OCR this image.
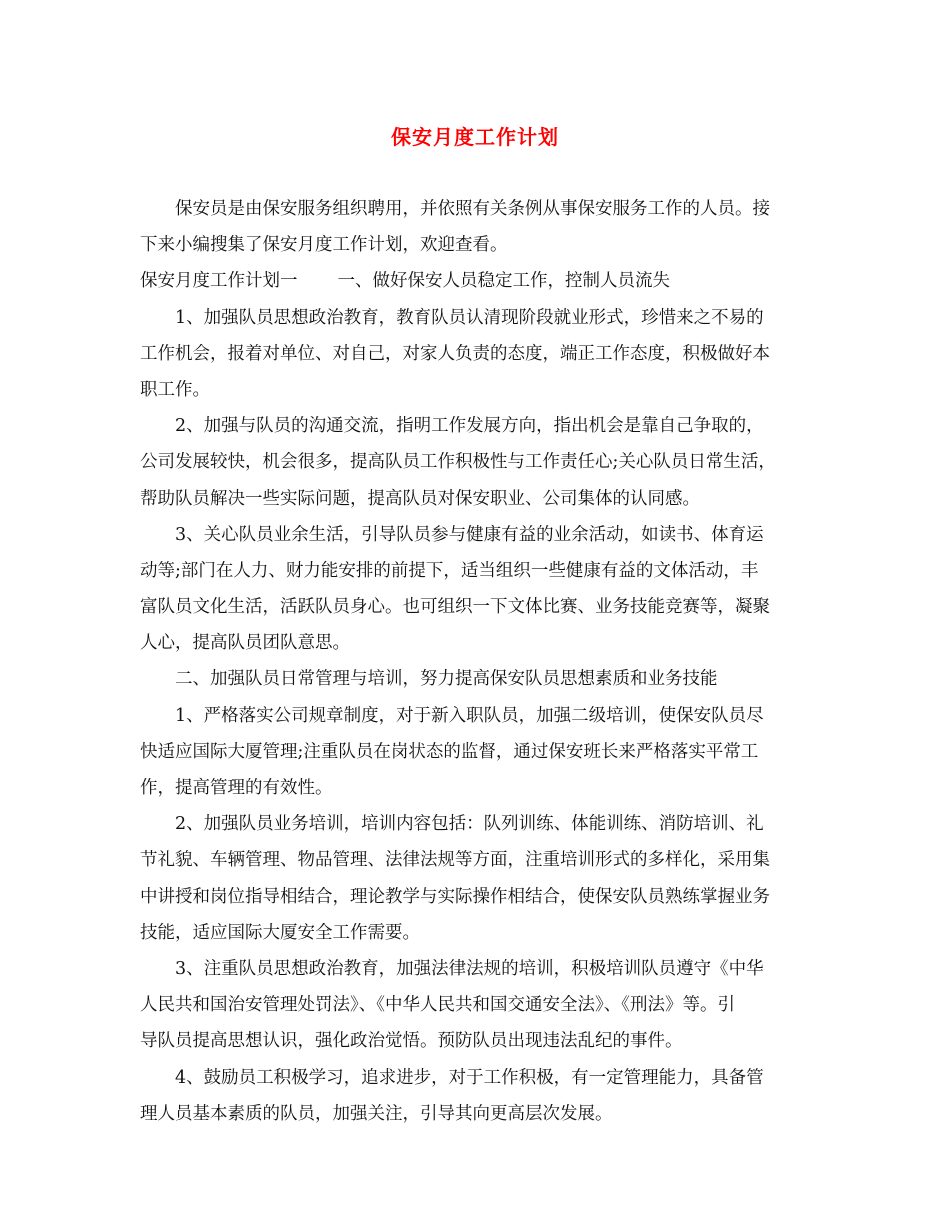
保安月度工作计划
保安员是由保安服务组织聘用，并依照有关条例从事保安服务工作的人员。接
下来小编搜集了保安月度工作计划，欢迎查看。
保安月度工作计划一 一、做好保安人员稳定工作，控制人员流失
1、加强队员思想政治教育，教育队员认清现阶段就业形式，珍惜来之不易的
工作机会，报着对单位、对自己，对家人负责的态度，端正工作态度，积极做好本
职工作。
2、加强与队员的沟通交流，指明工作发展方向，指出机会是靠自己争取的，
公司发展较快，机会很多，提高队员工作积极性与工作责任心;关心队员日常生活，
帮助队员解决一些实际问题，提高队员对保安职业、公司集体的认同感。
3、关心队员业余生活，引导队员参与健康有益的业余活动，如读书、体育运
动等;部门在人力、财力能安排的前提下，适当组织一些健康有益的文体活动，丰
富队员文化生活，活跃队员身心。也可组织一下文体比赛、业务技能竞赛等，凝聚
人心，提高队员团队意思。
二、加强队员日常管理与培训，努力提高保安队员思想素质和业务技能
1、严格落实公司规章制度，对于新入职队员，加强二级培训，使保安队员尽
快适应国际大厦管理;注重队员在岗状态的监督，通过保安班长来严格落实平常工
作，提高管理的有效性。
2、加强队员业务培训，培训内容包括：队列训练、体能训练、消防培训、礼
节礼貌、车辆管理、物品管理、法律法规等方面，注重培训形式的多样化，采用集
中讲授和岗位指导相结合，理论教学与实际操作相结合，使保安队员熟练掌握业务
技能，适应国际大厦安全工作需要。
3、注重队员思想政治教育，加强法律法规的培训，积极培训队员遵守《中华
人民共和国治安管理处罚法》、《中华人民共和国交通安全法》、《刑法》等。引
导队员提高思想认识，强化政治觉悟。预防队员出现违法乱纪的事件。
4、鼓励员工积极学习，追求进步，对于工作积极，有一定管理能力，具备管
理人员基本素质的队员，加强关注，引导其向更高层次发展。
